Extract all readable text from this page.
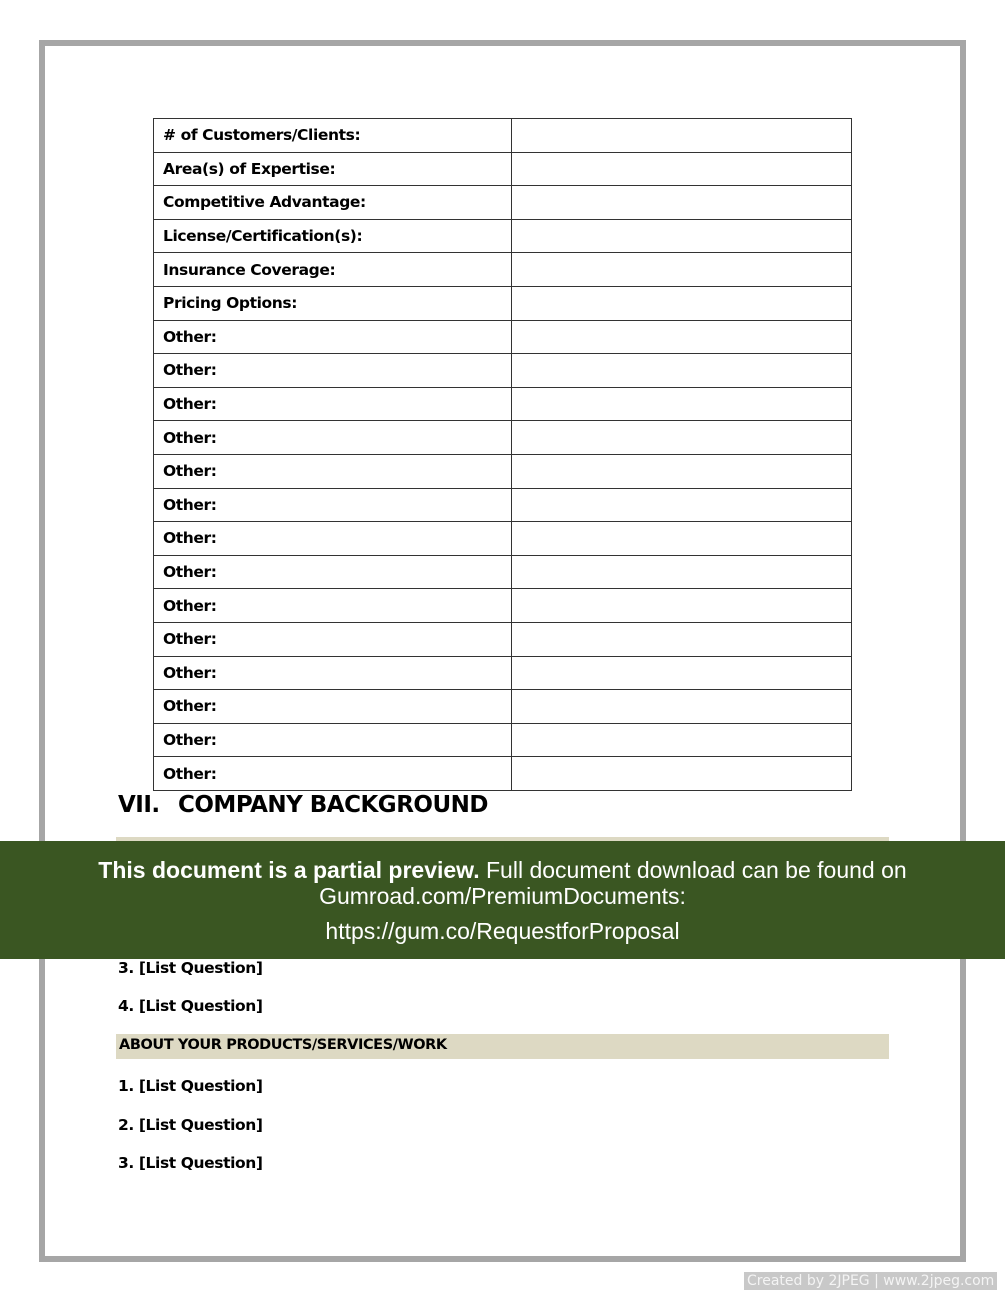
# of Customers/Clients:	
Area(s) of Expertise:	
Competitive Advantage:	
License/Certification(s):	
Insurance Coverage:	
Pricing Options:	
Other:	
Other:	
Other:	
Other:	
Other:	
Other:	
Other:	
Other:	
Other:	
Other:	
Other:	
Other:	
Other:	
Other:	
VII. COMPANY BACKGROUND
3. [List Question]
4. [List Question]
ABOUT YOUR PRODUCTS/SERVICES/WORK
1. [List Question]
2. [List Question]
3. [List Question]
This document is a partial preview. Full document download can be found on Gumroad.com/PremiumDocuments:
https://gum.co/RequestforProposal
Created by 2JPEG | www.2jpeg.com
